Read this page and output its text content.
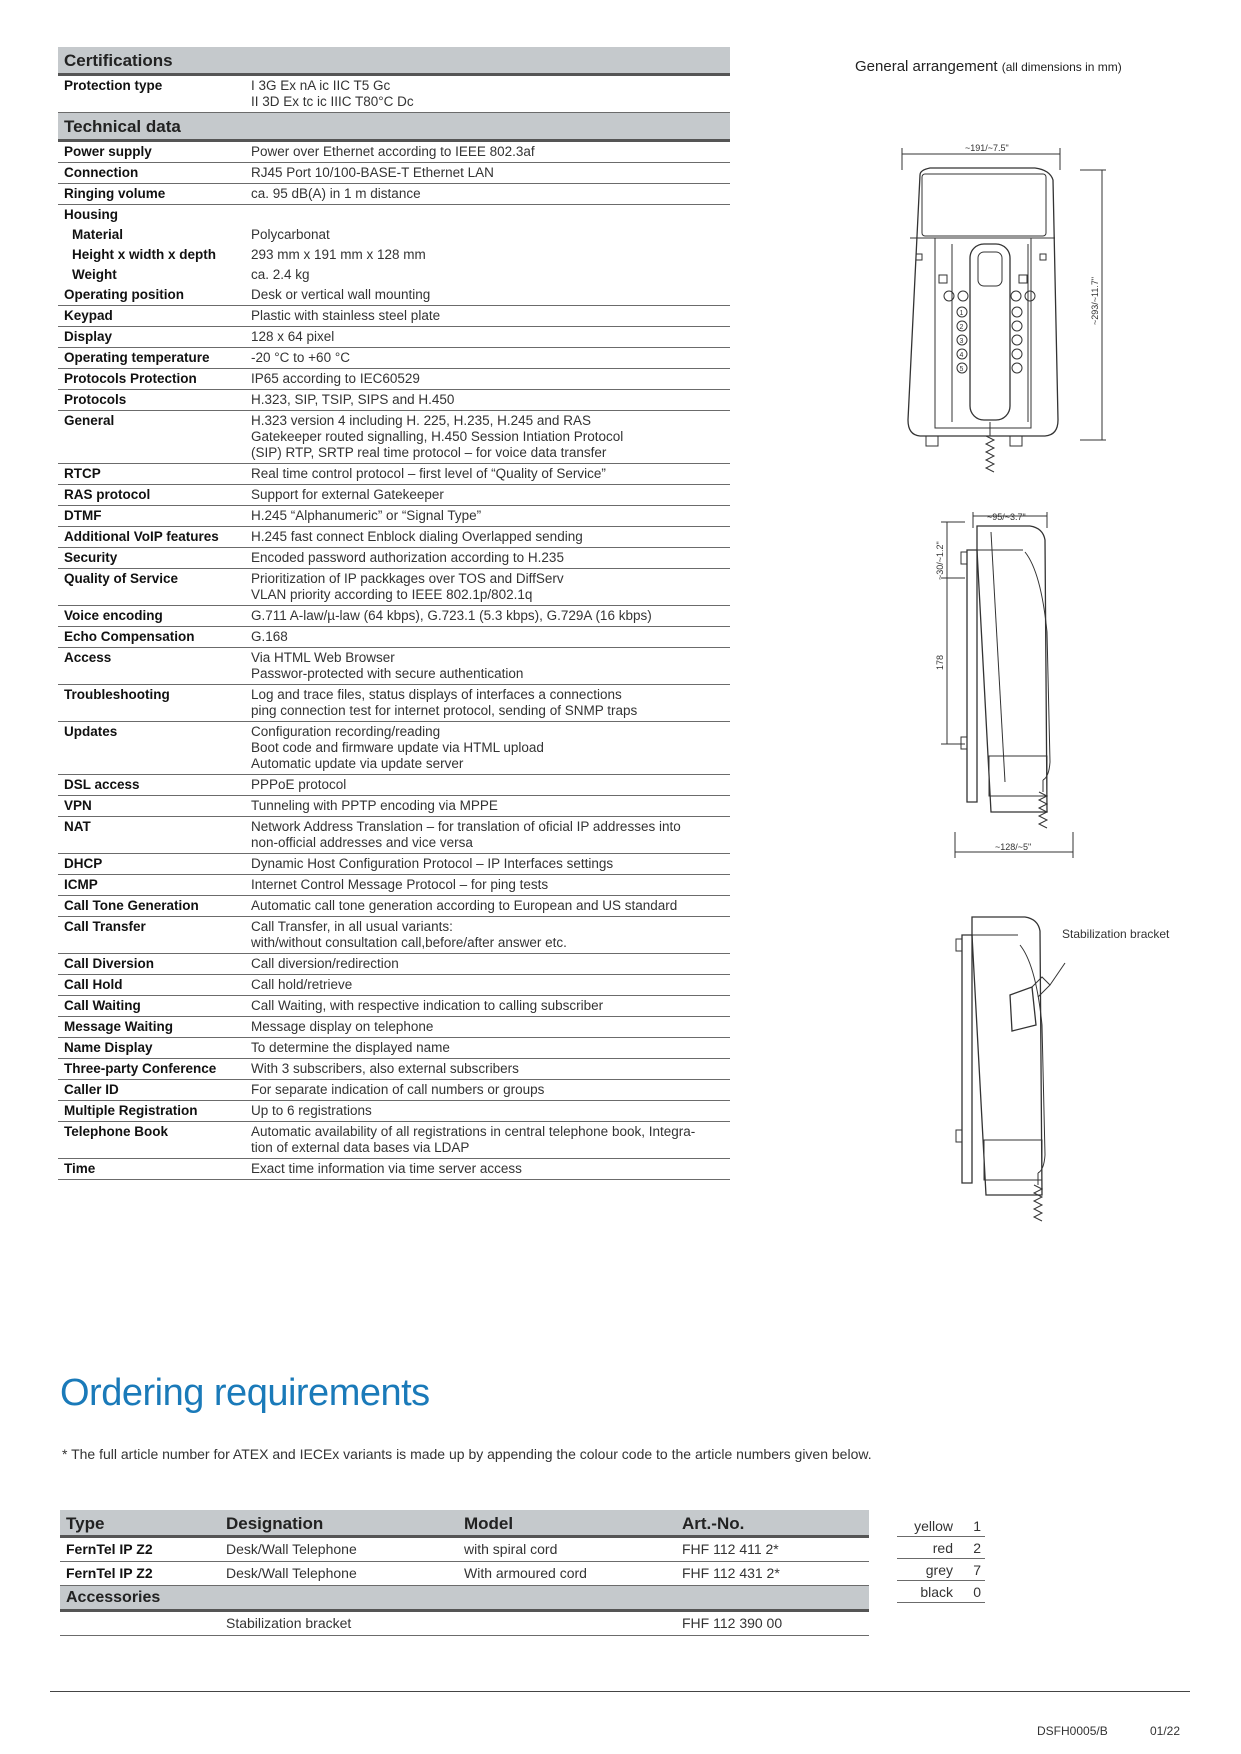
Certifications	
Protection type	I 3G Ex nA ic IIC T5 Gc
II 3D Ex tc ic IIIC T80°C Dc
Technical data	
Power supply	Power over Ethernet according to IEEE 802.3af
Connection	RJ45 Port 10/100-BASE-T Ethernet LAN
Ringing volume	ca. 95 dB(A) in 1 m distance
Housing	
Material	Polycarbonat
Height x width x depth	293 mm x 191 mm x 128 mm
Weight	ca. 2.4 kg
Operating position	Desk or vertical wall mounting
Keypad	Plastic with stainless steel plate
Display	128 x 64 pixel
Operating temperature	-20 °C to +60 °C
Protocols Protection	IP65 according to IEC60529
Protocols	H.323, SIP, TSIP, SIPS and H.450
General	H.323 version 4 including H. 225, H.235, H.245 and RAS
Gatekeeper routed signalling, H.450 Session Intiation Protocol
(SIP) RTP, SRTP real time protocol – for voice data transfer
RTCP	Real time control protocol – first level of “Quality of Service”
RAS protocol	Support for external Gatekeeper
DTMF	H.245 “Alphanumeric” or “Signal Type”
Additional VoIP features	H.245 fast connect Enblock dialing Overlapped sending
Security	Encoded password authorization according to H.235
Quality of Service	Prioritization of IP packkages over TOS and DiffServ
VLAN priority according to IEEE 802.1p/802.1q
Voice encoding	G.711 A-law/µ-law (64 kbps), G.723.1 (5.3 kbps), G.729A (16 kbps)
Echo Compensation	G.168
Access	Via HTML Web Browser
Passwor-protected with secure authentication
Troubleshooting	Log and trace files, status displays of interfaces a connections
ping connection test for internet protocol, sending of SNMP traps
Updates	Configuration recording/reading
Boot code and firmware update via HTML upload
Automatic update via update server
DSL access	PPPoE protocol
VPN	Tunneling with PPTP encoding via MPPE
NAT	Network Address Translation – for translation of oficial IP addresses into
non-official addresses and vice versa
DHCP	Dynamic Host Configuration Protocol – IP Interfaces settings
ICMP	Internet Control Message Protocol – for ping tests
Call Tone Generation	Automatic call tone generation according to European and US standard
Call Transfer	Call Transfer, in all usual variants:
with/without consultation call,before/after answer etc.
Call Diversion	Call diversion/redirection
Call Hold	Call hold/retrieve
Call Waiting	Call Waiting, with respective indication to calling subscriber
Message Waiting	Message display on telephone
Name Display	To determine the displayed name
Three-party Conference	With 3 subscribers, also external subscribers
Caller ID	For separate indication of call numbers or groups
Multiple Registration	Up to 6 registrations
Telephone Book	Automatic availability of all registrations in central telephone book, Integra-
tion of external data bases via LDAP
Time	Exact time information via time server access
General arrangement (all dimensions in mm)
~191/~7.5"
~293/~11.7"
1
2
3
4
5
~95/~3.7"
~30/~1.2"
178
~128/~5"
Stabilization bracket
Ordering requirements
* The full article number for ATEX and IECEx variants is made up by appending the colour code to the article numbers given below.
Type	Designation	Model	Art.-No.
FernTel IP Z2	Desk/Wall Telephone	with spiral cord	FHF 112 411 2*
FernTel IP Z2	Desk/Wall Telephone	With armoured cord	FHF 112 431 2*
Accessories			
	Stabilization bracket		FHF 112 390 00
yellow	1
red	2
grey	7
black	0
DSFH0005/B	01/22
